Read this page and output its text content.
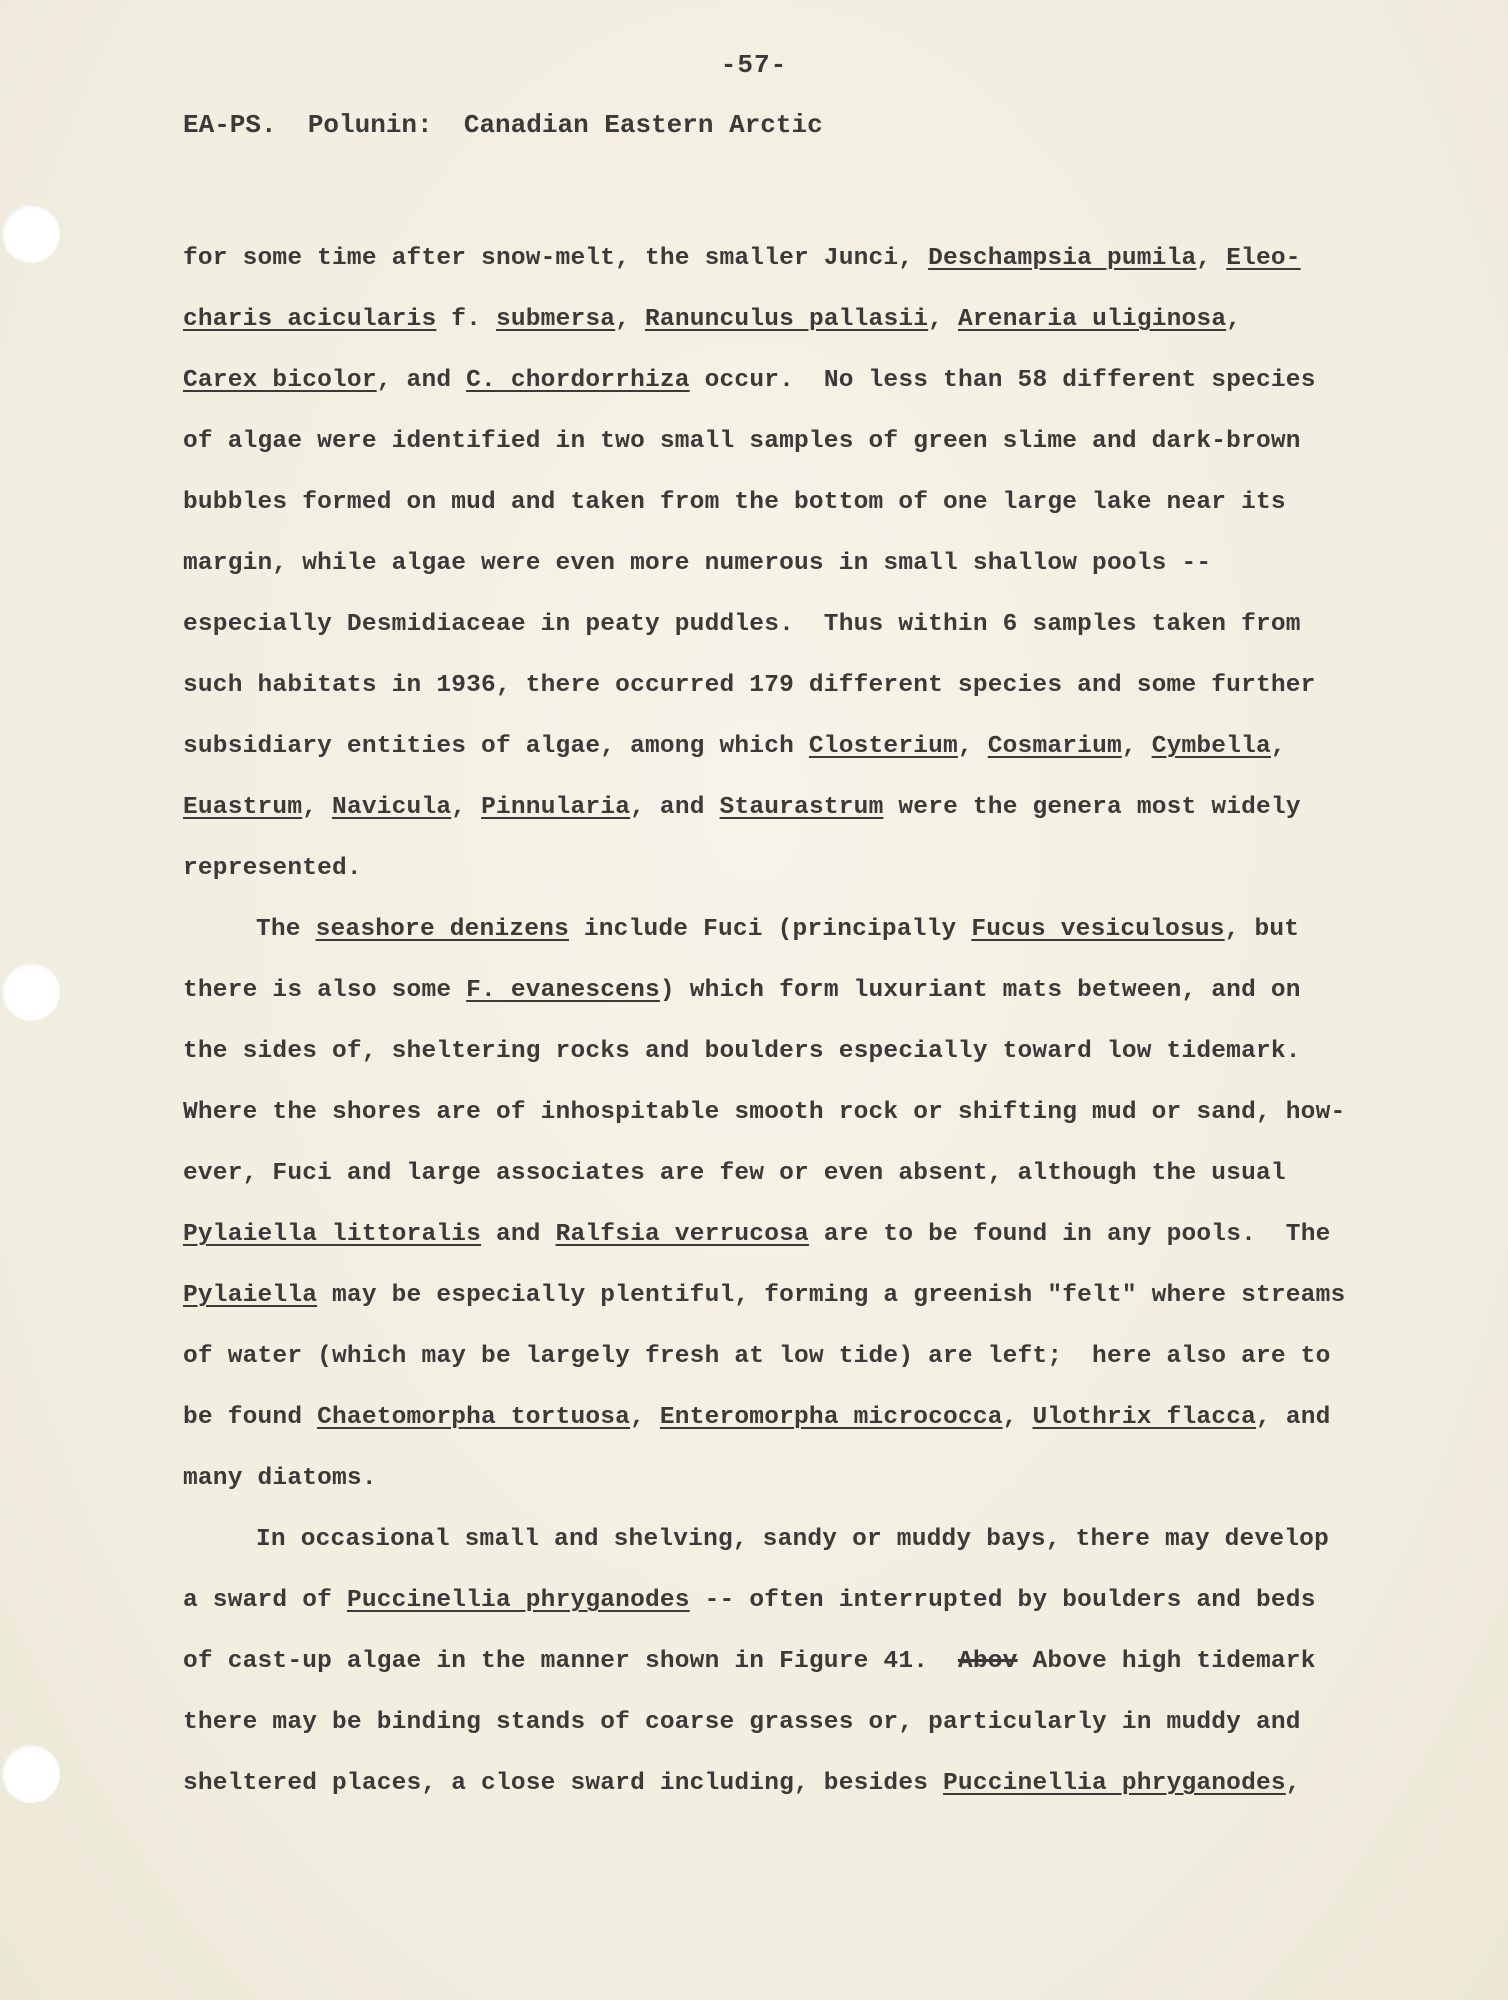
-57-
EA-PS.  Polunin:  Canadian Eastern Arctic
for some time after snow-melt, the smaller Junci, Deschampsia pumila, Eleo-
charis acicularis f. submersa, Ranunculus pallasii, Arenaria uliginosa,
Carex bicolor, and C. chordorrhiza occur.  No less than 58 different species
of algae were identified in two small samples of green slime and dark-brown
bubbles formed on mud and taken from the bottom of one large lake near its
margin, while algae were even more numerous in small shallow pools --
especially Desmidiaceae in peaty puddles.  Thus within 6 samples taken from
such habitats in 1936, there occurred 179 different species and some further
subsidiary entities of algae, among which Closterium, Cosmarium, Cymbella,
Euastrum, Navicula, Pinnularia, and Staurastrum were the genera most widely
represented.
The seashore denizens include Fuci (principally Fucus vesiculosus, but
there is also some F. evanescens) which form luxuriant mats between, and on
the sides of, sheltering rocks and boulders especially toward low tidemark.
Where the shores are of inhospitable smooth rock or shifting mud or sand, how-
ever, Fuci and large associates are few or even absent, although the usual
Pylaiella littoralis and Ralfsia verrucosa are to be found in any pools.  The
Pylaiella may be especially plentiful, forming a greenish "felt" where streams
of water (which may be largely fresh at low tide) are left;  here also are to
be found Chaetomorpha tortuosa, Enteromorpha micrococca, Ulothrix flacca, and
many diatoms.
In occasional small and shelving, sandy or muddy bays, there may develop
a sward of Puccinellia phryganodes -- often interrupted by boulders and beds
of cast-up algae in the manner shown in Figure 41.  Abov Above high tidemark
there may be binding stands of coarse grasses or, particularly in muddy and
sheltered places, a close sward including, besides Puccinellia phryganodes,
